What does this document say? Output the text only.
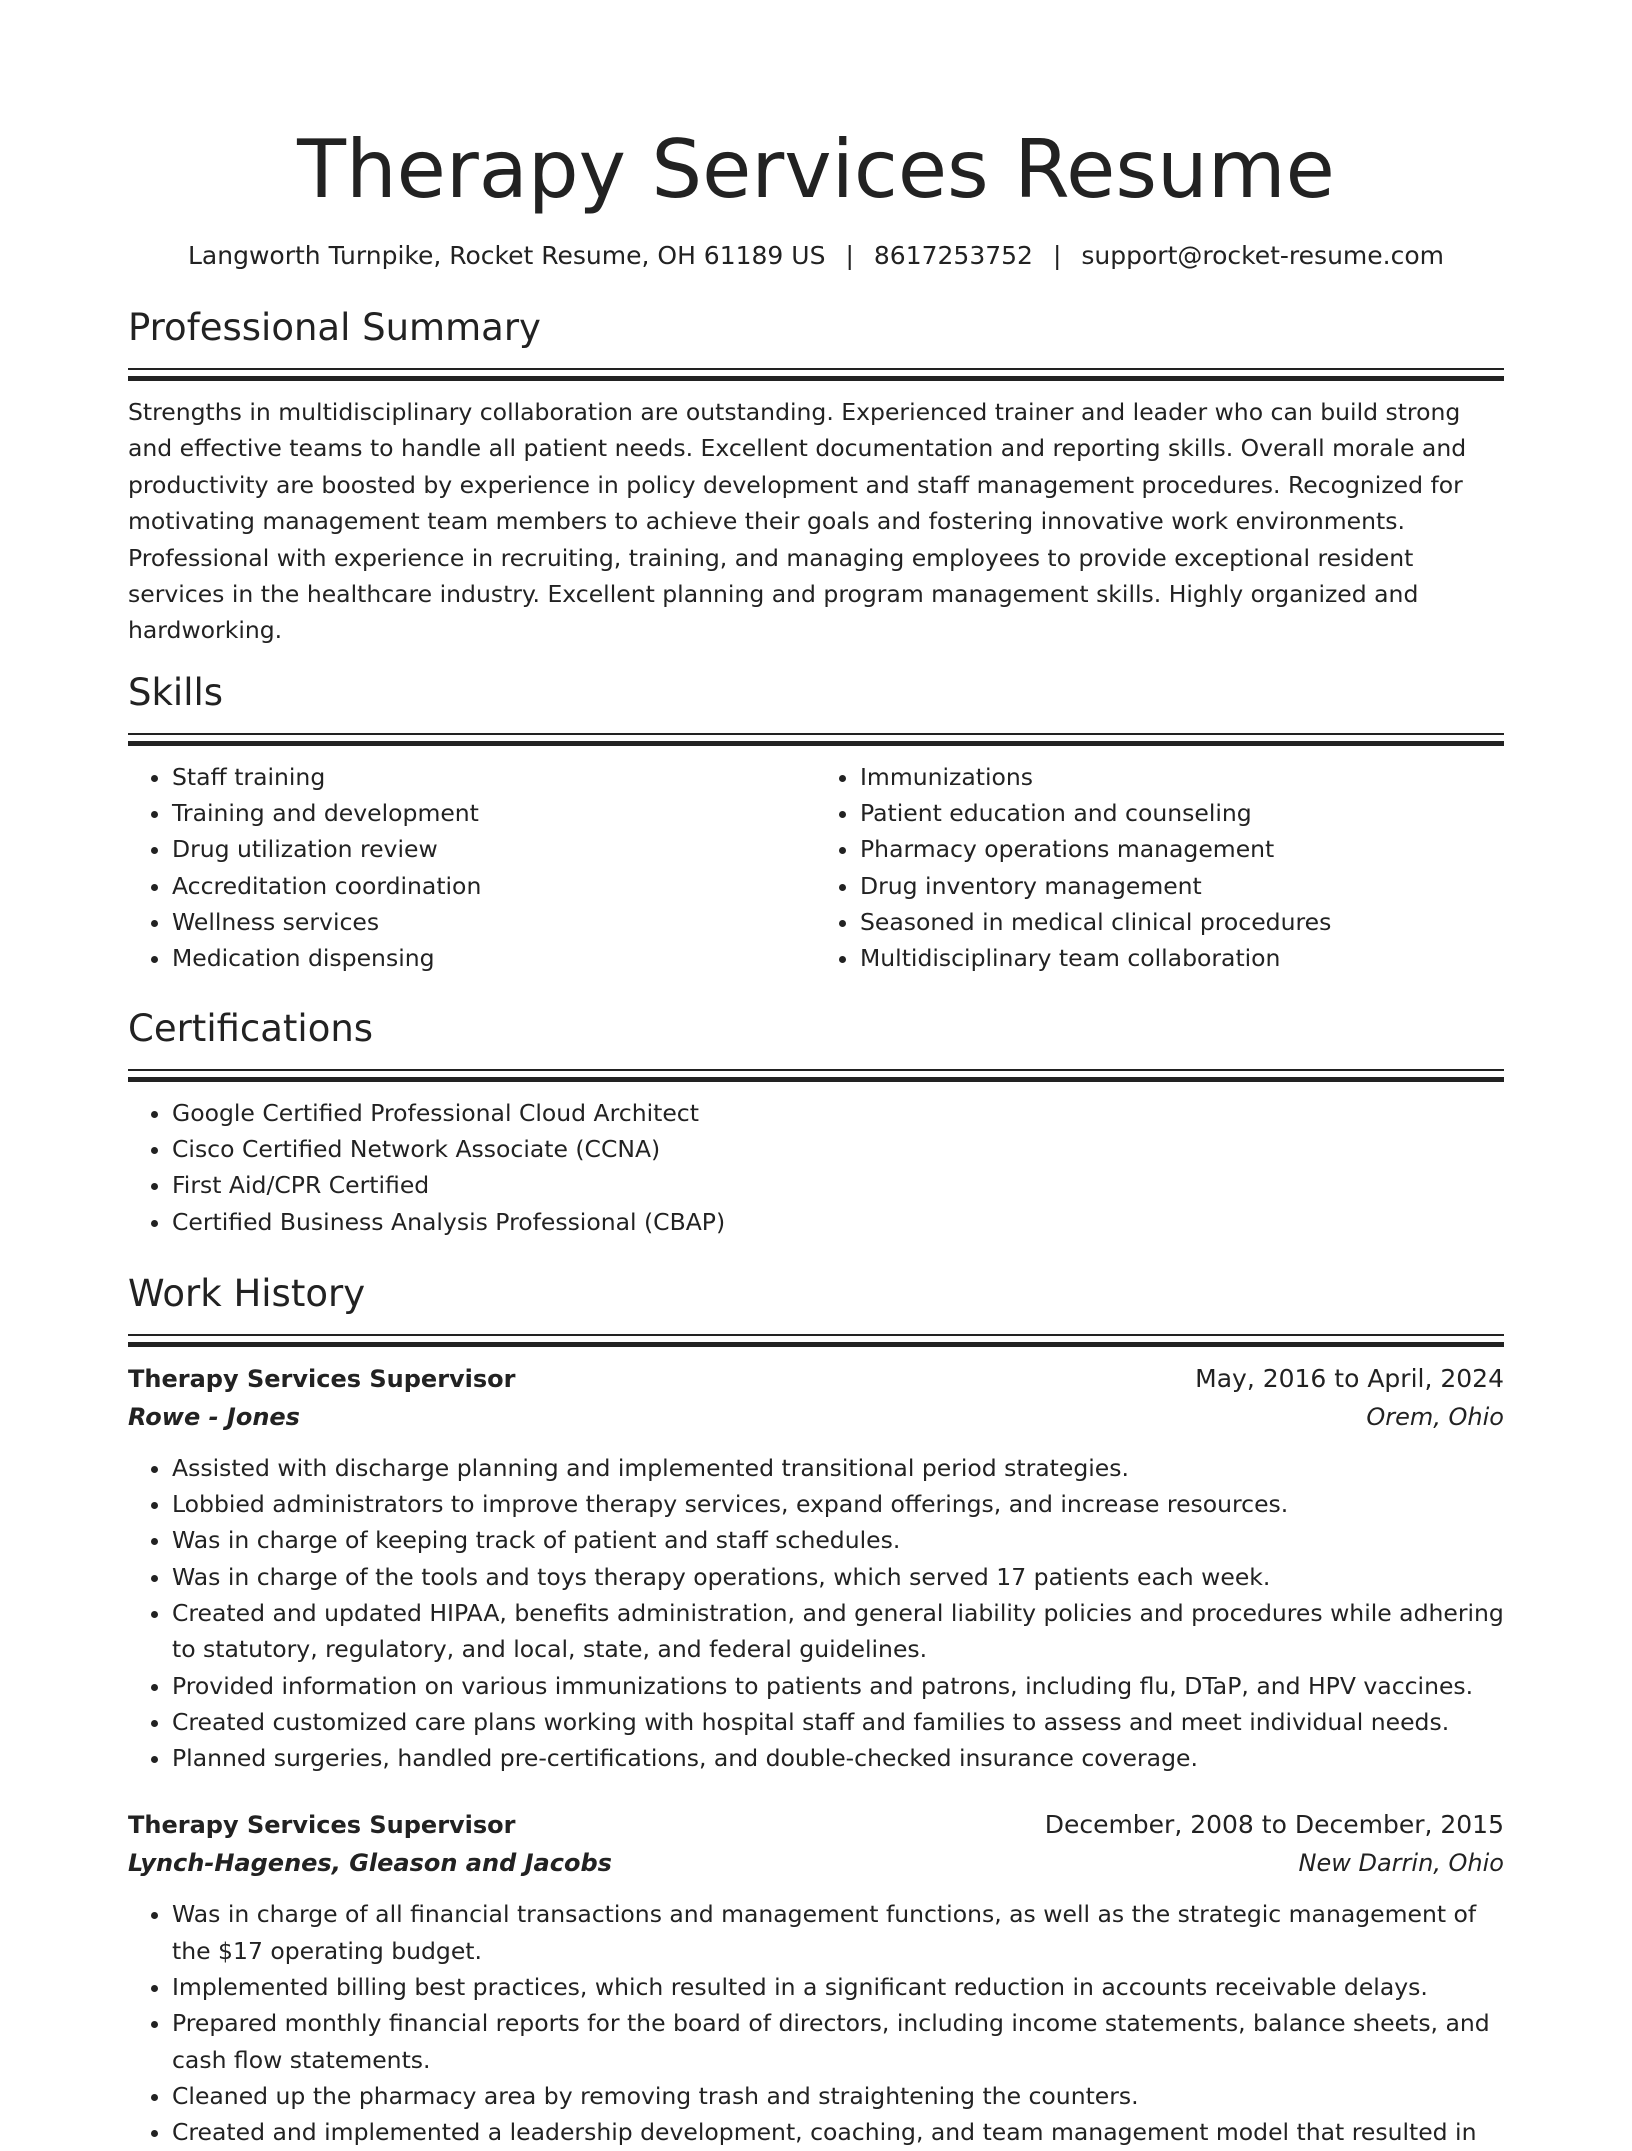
Therapy Services Resume
Langworth Turnpike, Rocket Resume, OH 61189 US | 8617253752 | support@rocket-resume.com
Professional Summary

Strengths in multidisciplinary collaboration are outstanding. Experienced trainer and leader who can build strong and effective teams to handle all patient needs. Excellent documentation and reporting skills. Overall morale and productivity are boosted by experience in policy development and staff management procedures. Recognized for motivating management team members to achieve their goals and fostering innovative work environments. Professional with experience in recruiting, training, and managing employees to provide exceptional resident services in the healthcare industry. Excellent planning and program management skills. Highly organized and hardworking.

Skills
• Staff training
• Training and development
• Drug utilization review
• Accreditation coordination
• Wellness services
• Medication dispensing
• Immunizations
• Patient education and counseling
• Pharmacy operations management
• Drug inventory management
• Seasoned in medical clinical procedures
• Multidisciplinary team collaboration
Certifications
• Google Certified Professional Cloud Architect
• Cisco Certified Network Associate (CCNA)
• First Aid/CPR Certified
• Certified Business Analysis Professional (CBAP)
Work History
Therapy Services Supervisor	May, 2016 to April, 2024
Rowe - Jones	Orem, Ohio
• Assisted with discharge planning and implemented transitional period strategies.
• Lobbied administrators to improve therapy services, expand offerings, and increase resources.
• Was in charge of keeping track of patient and staff schedules.
• Was in charge of the tools and toys therapy operations, which served 17 patients each week.
• Created and updated HIPAA, benefits administration, and general liability policies and procedures while adhering to statutory, regulatory, and local, state, and federal guidelines.
• Provided information on various immunizations to patients and patrons, including flu, DTaP, and HPV vaccines.
• Created customized care plans working with hospital staff and families to assess and meet individual needs.
• Planned surgeries, handled pre-certifications, and double-checked insurance coverage.
Therapy Services Supervisor	December, 2008 to December, 2015
Lynch-Hagenes, Gleason and Jacobs	New Darrin, Ohio
• Was in charge of all financial transactions and management functions, as well as the strategic management of the $17 operating budget.
• Implemented billing best practices, which resulted in a significant reduction in accounts receivable delays.
• Prepared monthly financial reports for the board of directors, including income statements, balance sheets, and cash flow statements.
• Cleaned up the pharmacy area by removing trash and straightening the counters.
• Created and implemented a leadership development, coaching, and team management model that resulted in
